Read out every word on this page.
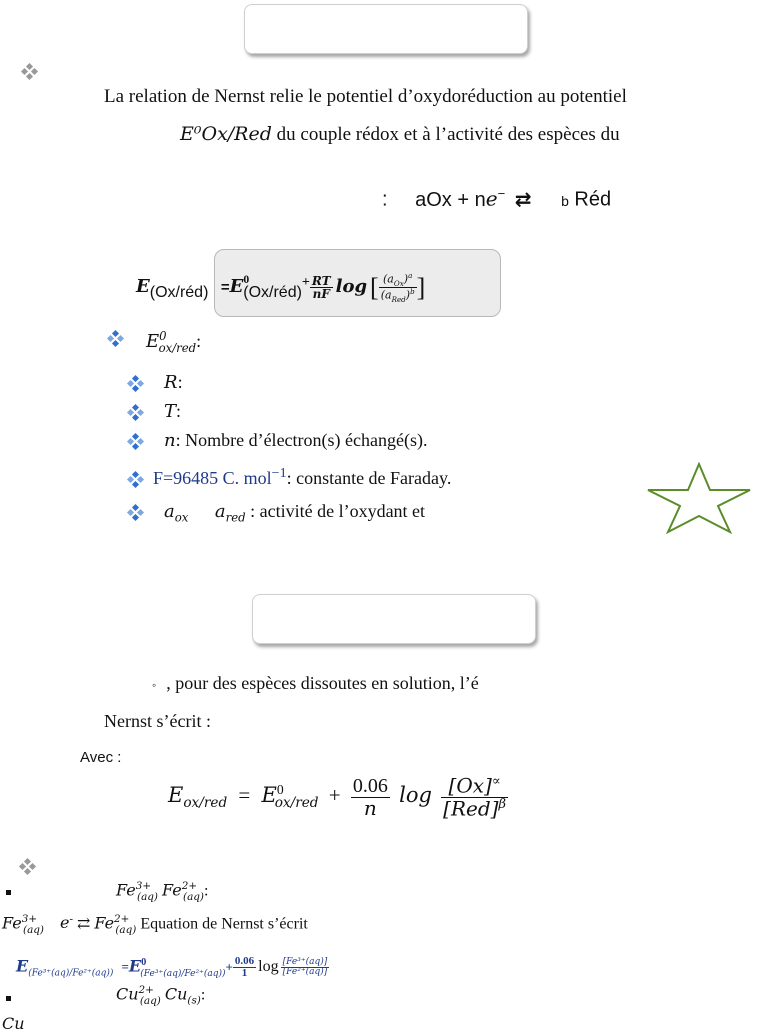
La relation de Nernst relie le potentiel d’oxydoréduction au potentiel
E⁰Ox/Red du couple rédox et à l’activité des espèces du
: aOx + ne− ⇄ b Réd
E(Ox/réd) $=E^0(Ox/réd)^+ \frac{RT}{nF}$ log [ $\frac{(a_{Ox})^a}{(a_{Red})^b}$ ]
$E^0_{ox/red}$:
R:
T:
n: Nombre d’électron(s) échangé(s).
F=96485 C. mol$^{-1}$: constante de Faraday.
$a_{ox}$ $a_{red}$ : activité de l’oxydant et
◦ , pour des espèces dissoutes en solution, l’é
Nernst s’écrit :
Avec :
$E_{ox/red} = E^0_{ox/red} + \frac{0.06}{n}$ $\log \frac{[Ox]^\propto}{[Red]^\beta}$
$Fe^{3+}_{(aq)}$ $Fe^{2+}_{(aq)}$:
$Fe^{3+}_{(aq)}$ e- ⇄ $Fe^{2+}_{(aq)}$ Equation de Nernst s’écrit
$E_{(Fe^{3+}(aq)/Fe^{2+}(aq))} =E^0_{(Fe^{3+}(aq)/Fe^{2+}(aq))}+ \frac{0.06}{1}$ $\log \frac{\text{[Fe³⁺(aq)]}}{\text{[Fe²⁺(aq)]}}$
$Cu^{2+}_{(aq)}$ $Cu_{(s)}$:
Cu
